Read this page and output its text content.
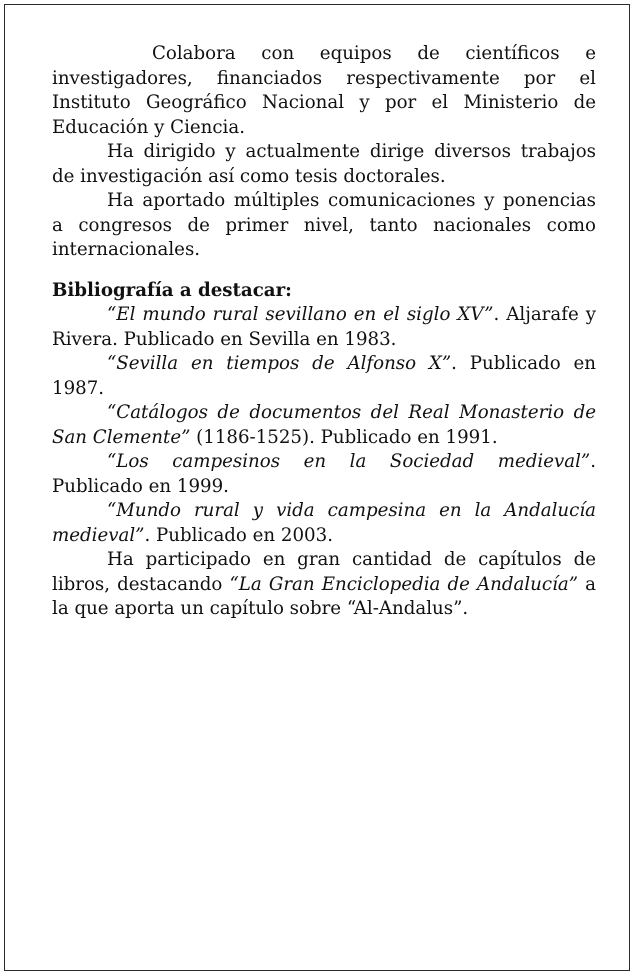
Colabora con equipos de científicos e investigadores, financiados respectivamente por el Instituto Geográfico Nacional y por el Ministerio de Educación y Ciencia.

Ha dirigido y actualmente dirige diversos trabajos de investigación así como tesis doctorales.

Ha aportado múltiples comunicaciones y ponencias a congresos de primer nivel, tanto nacionales como internacionales.

Bibliografía a destacar:

“El mundo rural sevillano en el siglo XV”. Aljarafe y Rivera. Publicado en Sevilla en 1983.

“Sevilla en tiempos de Alfonso X”. Publicado en 1987.

“Catálogos de documentos del Real Monasterio de San Clemente” (1186-1525). Publicado en 1991.

“Los campesinos en la Sociedad medieval”. Publicado en 1999.

“Mundo rural y vida campesina en la Andalucía medieval”. Publicado en 2003.

Ha participado en gran cantidad de capítulos de libros, destacando “La Gran Enciclopedia de Andalucía” a la que aporta un capítulo sobre “Al-Andalus”.
